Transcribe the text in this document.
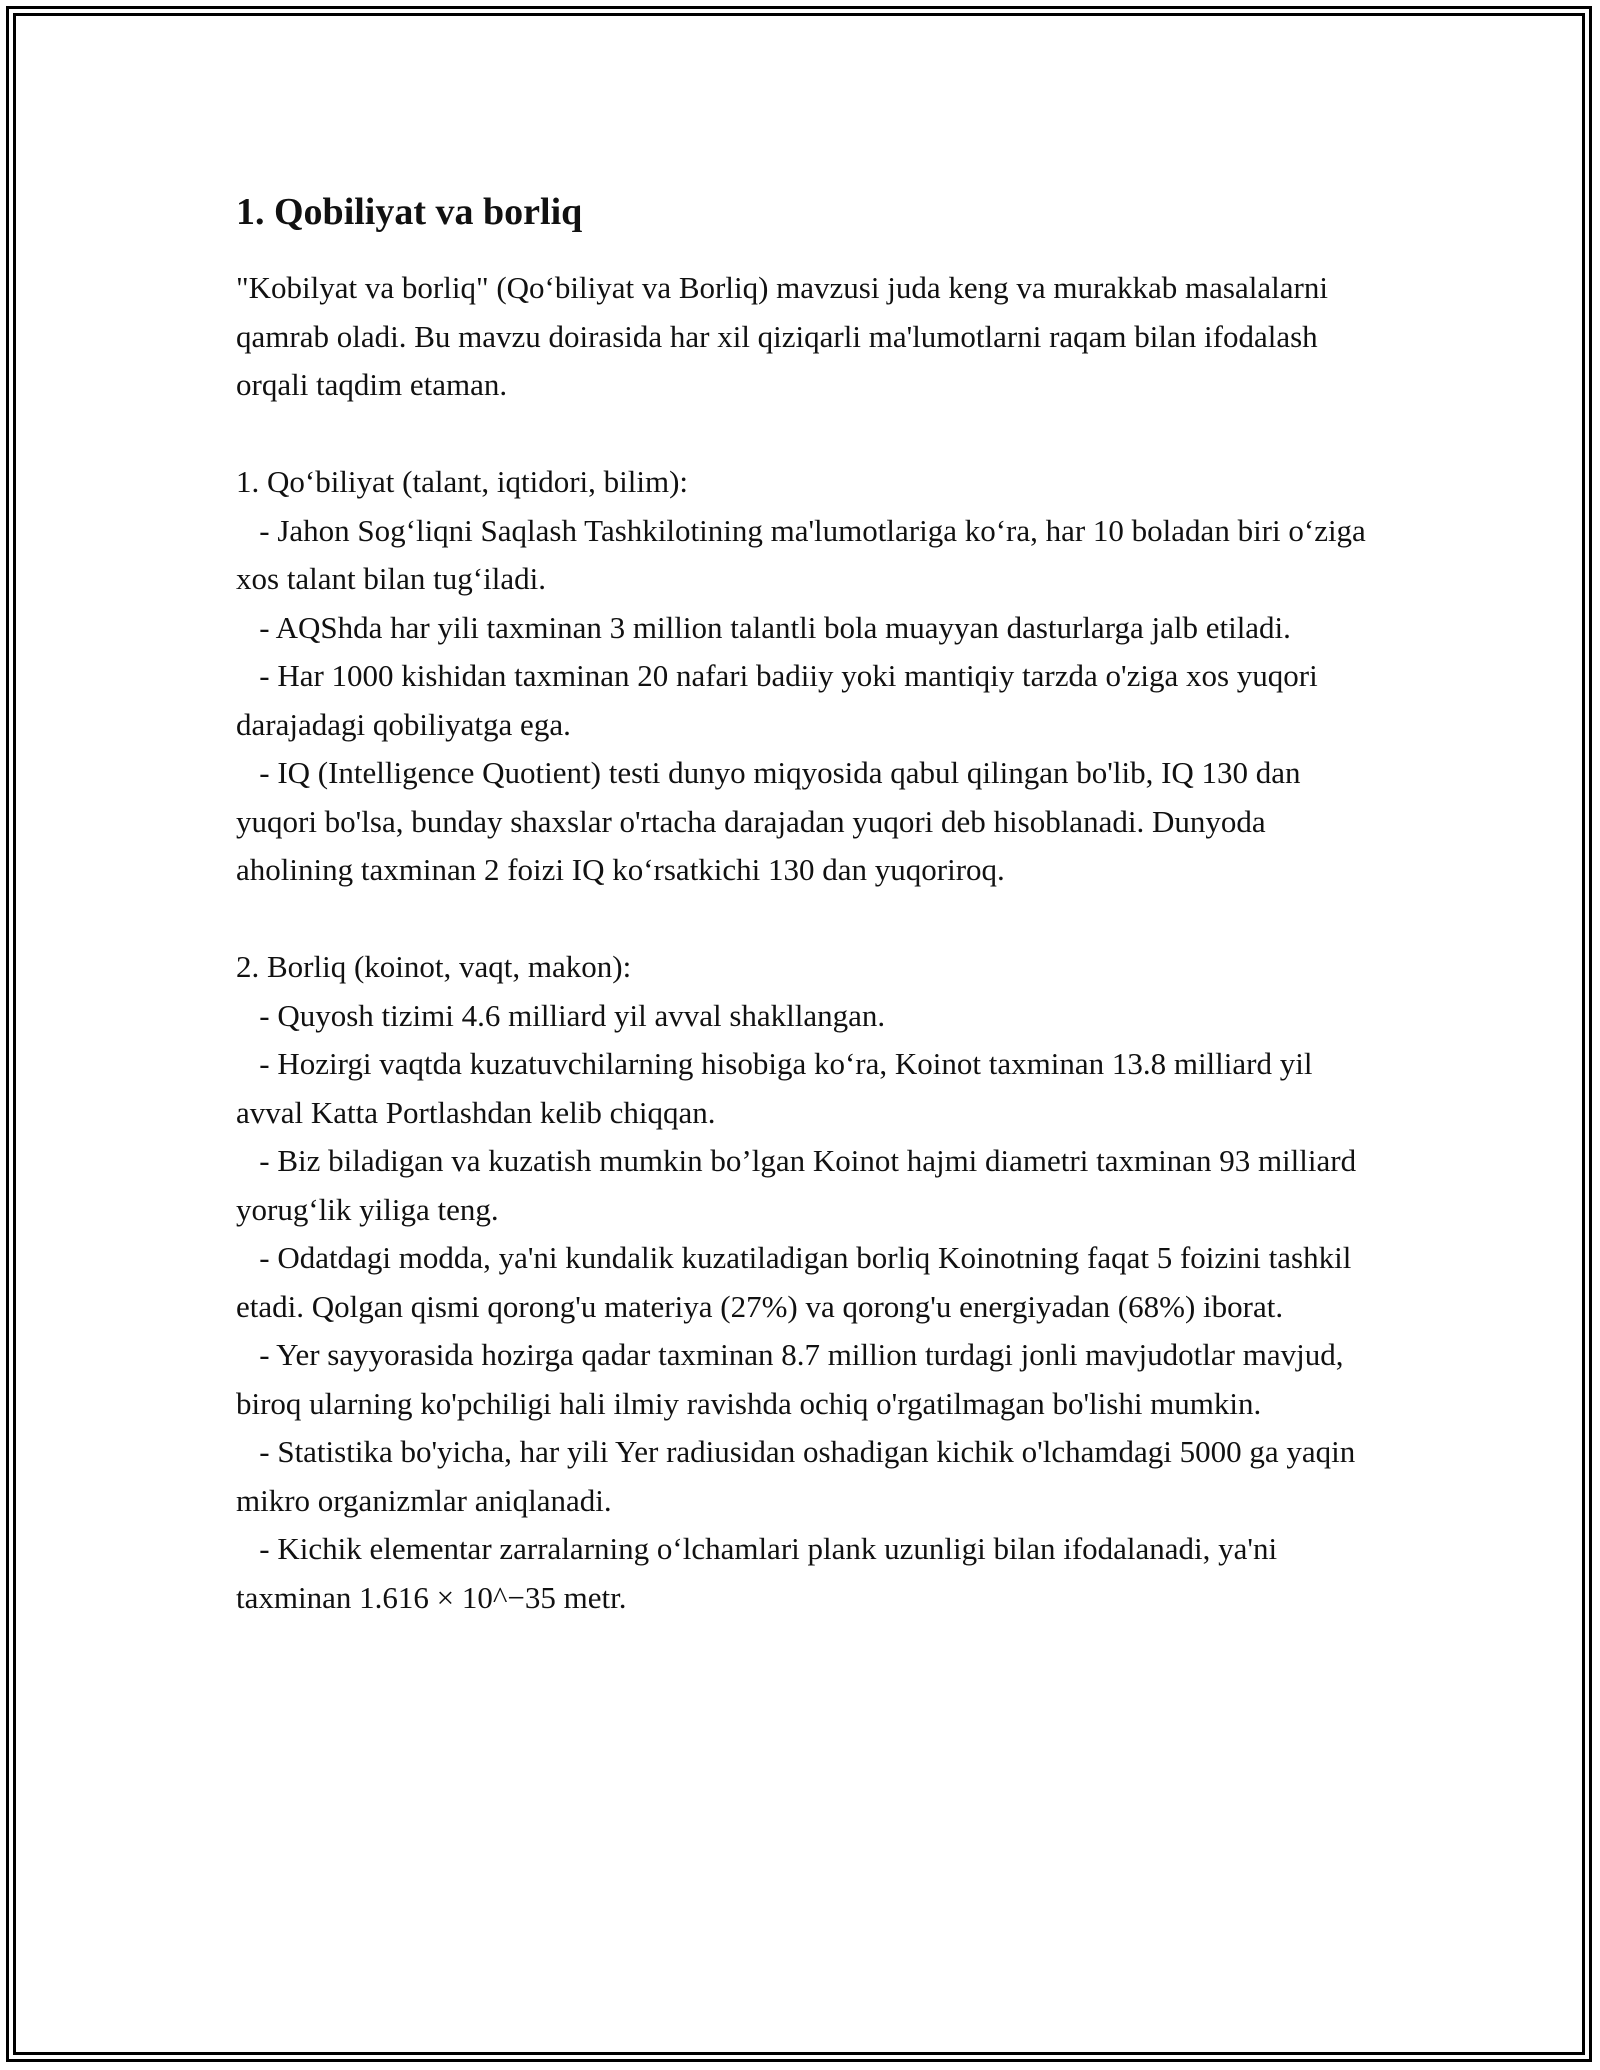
1. Qobiliyat va borliq

"Kobilyat va borliq" (Qo‘biliyat va Borliq) mavzusi juda keng va murakkab masalalarni qamrab oladi. Bu mavzu doirasida har xil qiziqarli ma'lumotlarni raqam bilan ifodalash orqali taqdim etaman.

1. Qo‘biliyat (talant, iqtidori, bilim):

- Jahon Sog‘liqni Saqlash Tashkilotining ma'lumotlariga ko‘ra, har 10 boladan biri o‘ziga xos talant bilan tug‘iladi.

- AQShda har yili taxminan 3 million talantli bola muayyan dasturlarga jalb etiladi.

- Har 1000 kishidan taxminan 20 nafari badiiy yoki mantiqiy tarzda o'ziga xos yuqori darajadagi qobiliyatga ega.

- IQ (Intelligence Quotient) testi dunyo miqyosida qabul qilingan bo'lib, IQ 130 dan yuqori bo'lsa, bunday shaxslar o'rtacha darajadan yuqori deb hisoblanadi. Dunyoda aholining taxminan 2 foizi IQ ko‘rsatkichi 130 dan yuqoriroq.

2. Borliq (koinot, vaqt, makon):

- Quyosh tizimi 4.6 milliard yil avval shakllangan.

- Hozirgi vaqtda kuzatuvchilarning hisobiga ko‘ra, Koinot taxminan 13.8 milliard yil avval Katta Portlashdan kelib chiqqan.

- Biz biladigan va kuzatish mumkin bo’lgan Koinot hajmi diametri taxminan 93 milliard yorug‘lik yiliga teng.

- Odatdagi modda, ya'ni kundalik kuzatiladigan borliq Koinotning faqat 5 foizini tashkil etadi. Qolgan qismi qorong'u materiya (27%) va qorong'u energiyadan (68%) iborat.

- Yer sayyorasida hozirga qadar taxminan 8.7 million turdagi jonli mavjudotlar mavjud, biroq ularning ko'pchiligi hali ilmiy ravishda ochiq o'rgatilmagan bo'lishi mumkin.

- Statistika bo'yicha, har yili Yer radiusidan oshadigan kichik o'lchamdagi 5000 ga yaqin mikro organizmlar aniqlanadi.

- Kichik elementar zarralarning o‘lchamlari plank uzunligi bilan ifodalanadi, ya'ni taxminan 1.616 × 10^−35 metr.
